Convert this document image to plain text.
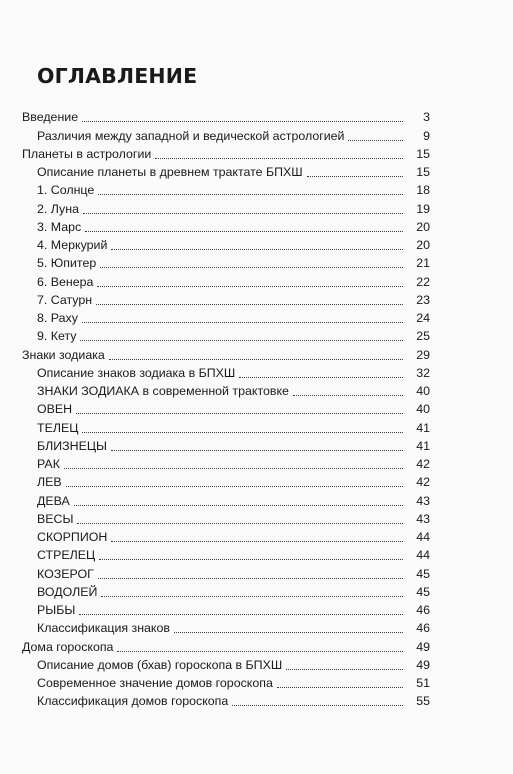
ОГЛАВЛЕНИЕ
Введение	3
Различия между западной и ведической астрологией	9
Планеты в астрологии	15
Описание планеты в древнем трактате БПХШ	15
1. Солнце	18
2. Луна	19
3. Марс	20
4. Меркурий	20
5. Юпитер	21
6. Венера	22
7. Сатурн	23
8. Раху	24
9. Кету	25
Знаки зодиака	29
Описание знаков зодиака в БПХШ	32
ЗНАКИ ЗОДИАКА в современной трактовке	40
ОВЕН	40
ТЕЛЕЦ	41
БЛИЗНЕЦЫ	41
РАК	42
ЛЕВ	42
ДЕВА	43
ВЕСЫ	43
СКОРПИОН	44
СТРЕЛЕЦ	44
КОЗЕРОГ	45
ВОДОЛЕЙ	45
РЫБЫ	46
Классификация знаков	46
Дома гороскопа	49
Описание домов (бхав) гороскопа в БПХШ	49
Современное значение домов гороскопа	51
Классификация домов гороскопа	55
